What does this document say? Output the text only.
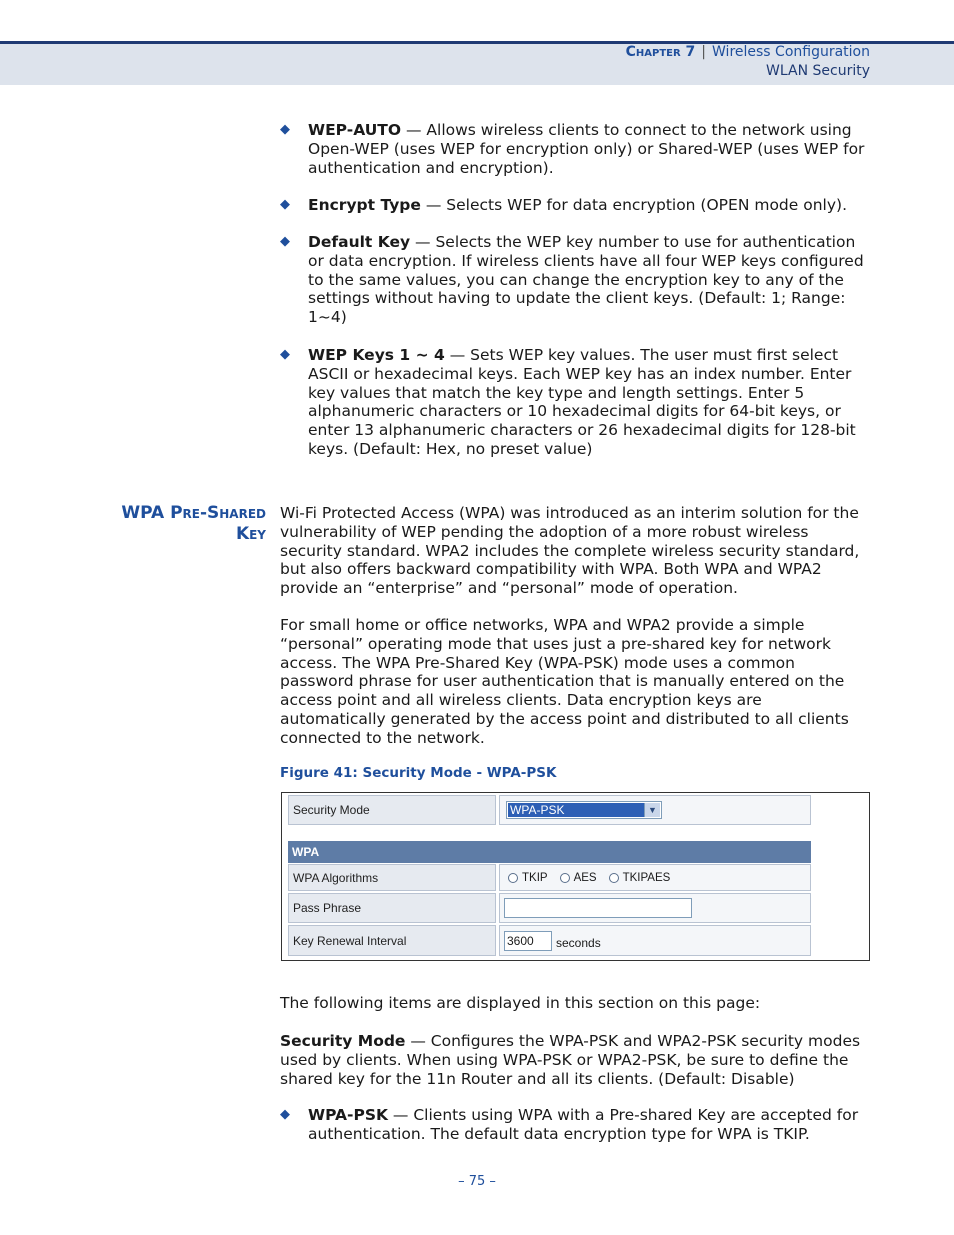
Chapter 7 | Wireless Configuration
WLAN Security
◆ WEP-AUTO — Allows wireless clients to connect to the network using Open-WEP (uses WEP for encryption only) or Shared-WEP (uses WEP for authentication and encryption).
◆ Encrypt Type — Selects WEP for data encryption (OPEN mode only).
◆ Default Key — Selects the WEP key number to use for authentication or data encryption. If wireless clients have all four WEP keys configured to the same values, you can change the encryption key to any of the settings without having to update the client keys. (Default: 1; Range: 1~4)
◆ WEP Keys 1 ~ 4 — Sets WEP key values. The user must first select ASCII or hexadecimal keys. Each WEP key has an index number. Enter key values that match the key type and length settings. Enter 5 alphanumeric characters or 10 hexadecimal digits for 64-bit keys, or enter 13 alphanumeric characters or 26 hexadecimal digits for 128-bit keys. (Default: Hex, no preset value)
WPA Pre-Shared
Key
Wi-Fi Protected Access (WPA) was introduced as an interim solution for the vulnerability of WEP pending the adoption of a more robust wireless security standard. WPA2 includes the complete wireless security standard, but also offers backward compatibility with WPA. Both WPA and WPA2 provide an “enterprise” and “personal” mode of operation.
For small home or office networks, WPA and WPA2 provide a simple “personal” operating mode that uses just a pre-shared key for network access. The WPA Pre-Shared Key (WPA-PSK) mode uses a common password phrase for user authentication that is manually entered on the access point and all wireless clients. Data encryption keys are automatically generated by the access point and distributed to all clients connected to the network.
Figure 41: Security Mode - WPA-PSK
Security Mode	WPA-PSK	▼
WPA
WPA Algorithms	TKIP AES TKIPAES
Pass Phrase
Key Renewal Interval	3600	seconds
The following items are displayed in this section on this page:
Security Mode — Configures the WPA-PSK and WPA2-PSK security modes used by clients. When using WPA-PSK or WPA2-PSK, be sure to define the shared key for the 11n Router and all its clients. (Default: Disable)
◆ WPA-PSK — Clients using WPA with a Pre-shared Key are accepted for authentication. The default data encryption type for WPA is TKIP.
– 75 –
